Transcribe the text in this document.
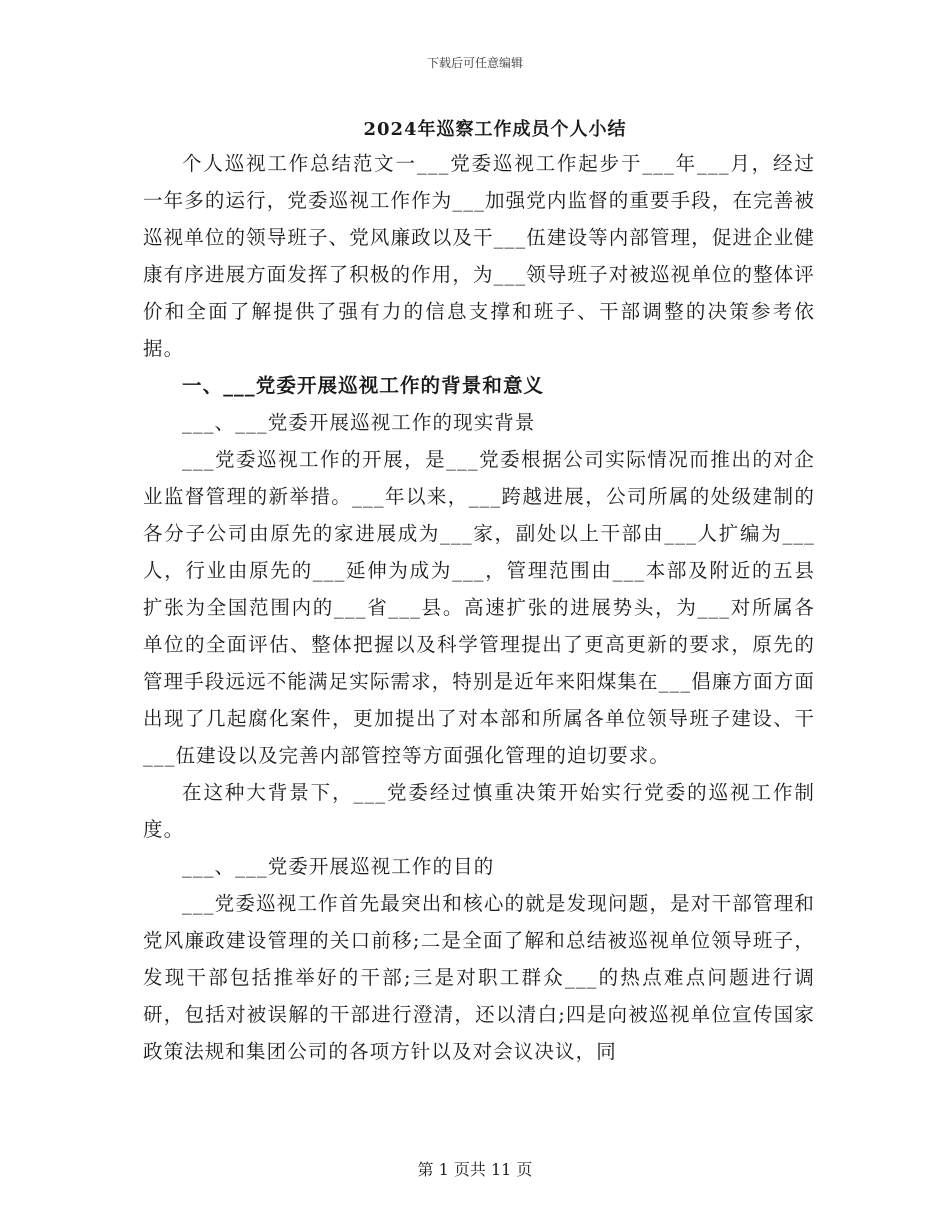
下载后可任意编辑
2024年巡察工作成员个人小结

个人巡视工作总结范文一___党委巡视工作起步于___年___月，经过一年多的运行，党委巡视工作作为___加强党内监督的重要手段，在完善被巡视单位的领导班子、党风廉政以及干___伍建设等内部管理，促进企业健康有序进展方面发挥了积极的作用，为___领导班子对被巡视单位的整体评价和全面了解提供了强有力的信息支撑和班子、干部调整的决策参考依据。

一、___党委开展巡视工作的背景和意义

___、___党委开展巡视工作的现实背景

___党委巡视工作的开展，是___党委根据公司实际情况而推出的对企业监督管理的新举措。___年以来，___跨越进展，公司所属的处级建制的各分子公司由原先的家进展成为___家，副处以上干部由___人扩编为___人，行业由原先的___延伸为成为___，管理范围由___本部及附近的五县扩张为全国范围内的___省___县。高速扩张的进展势头，为___对所属各单位的全面评估、整体把握以及科学管理提出了更高更新的要求，原先的管理手段远远不能满足实际需求，特别是近年来阳煤集在___倡廉方面方面出现了几起腐化案件，更加提出了对本部和所属各单位领导班子建设、干___伍建设以及完善内部管控等方面强化管理的迫切要求。

在这种大背景下，___党委经过慎重决策开始实行党委的巡视工作制度。

___、___党委开展巡视工作的目的

___党委巡视工作首先最突出和核心的就是发现问题，是对干部管理和党风廉政建设管理的关口前移;二是全面了解和总结被巡视单位领导班子，发现干部包括推举好的干部;三是对职工群众___的热点难点问题进行调研，包括对被误解的干部进行澄清，还以清白;四是向被巡视单位宣传国家政策法规和集团公司的各项方针以及对会议决议，同

第 1 页共 11 页
